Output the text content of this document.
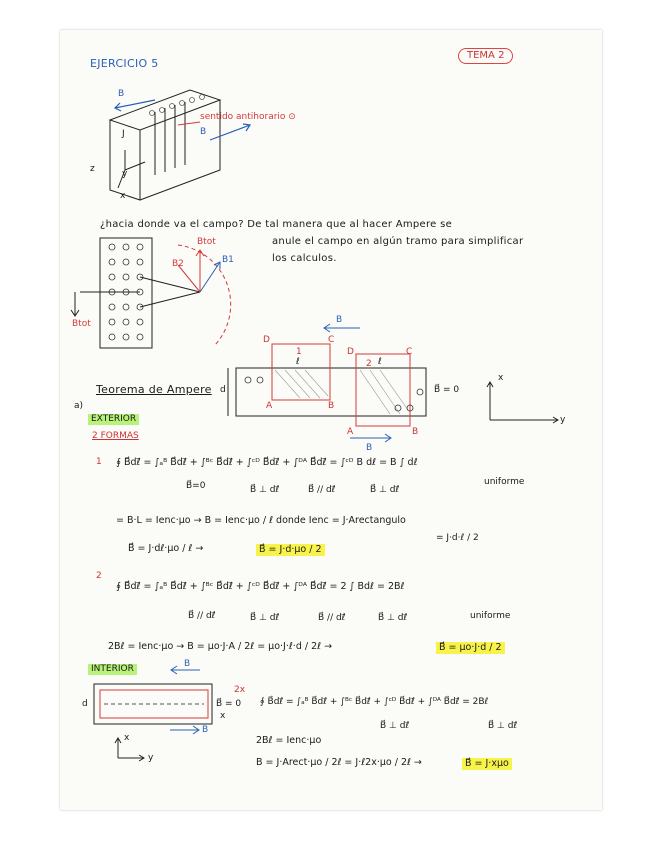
EJERCICIO 5
TEMA 2
B
J
z	y
x
B
sentido antihorario ⊙
¿hacia donde va el campo? De tal manera que al hacer Ampere se
anule el campo en algún tramo para simplificar
los calculos.
Btot
Btot
B1
B2
Teorema de Ampere
a)
EXTERIOR
2 FORMAS
d
B
B
B⃗ = 0
x
y
D	C
A	B
D	C
A	B
ℓ	ℓ
1
2
1 ∮ B⃗dℓ⃗ = ∫ₐᴮ B⃗dℓ⃗ + ∫ᴮᶜ B⃗dℓ⃗ + ∫ᶜᴰ B⃗dℓ⃗ + ∫ᴰᴬ B⃗dℓ⃗ = ∫ᶜᴰ B dℓ = B ∫ dℓ
B⃗=0	B⃗ ⊥ dℓ⃗	B⃗ // dℓ⃗	B⃗ ⊥ dℓ⃗
uniforme
= B·L = Ienc·μo → B = Ienc·μo / ℓ donde Ienc = J·Arectangulo
= J·d·ℓ / 2
B⃗ = J·dℓ·μo / ℓ →	B⃗ = J·d·μo / 2
2
∮ B⃗dℓ⃗ = ∫ₐᴮ B⃗dℓ⃗ + ∫ᴮᶜ B⃗dℓ⃗ + ∫ᶜᴰ B⃗dℓ⃗ + ∫ᴰᴬ B⃗dℓ⃗ = 2 ∫ Bdℓ = 2Bℓ
B⃗ // dℓ⃗	B⃗ ⊥ dℓ⃗	B⃗ // dℓ⃗	B⃗ ⊥ dℓ⃗	uniforme
2Bℓ = Ienc·μo → B = μo·J·A / 2ℓ = μo·J·ℓ·d / 2ℓ →	B⃗ = μo·J·d / 2
INTERIOR
d
B
B
B⃗ = 0
2x
x
x
y
∮ B⃗dℓ⃗ = ∫ₐᴮ B⃗dℓ⃗ + ∫ᴮᶜ B⃗dℓ⃗ + ∫ᶜᴰ B⃗dℓ⃗ + ∫ᴰᴬ B⃗dℓ⃗ = 2Bℓ
B⃗ ⊥ dℓ⃗	B⃗ ⊥ dℓ⃗
2Bℓ = Ienc·μo
B = J·Arect·μo / 2ℓ = J·ℓ2x·μo / 2ℓ →	B⃗ = J·xμo
